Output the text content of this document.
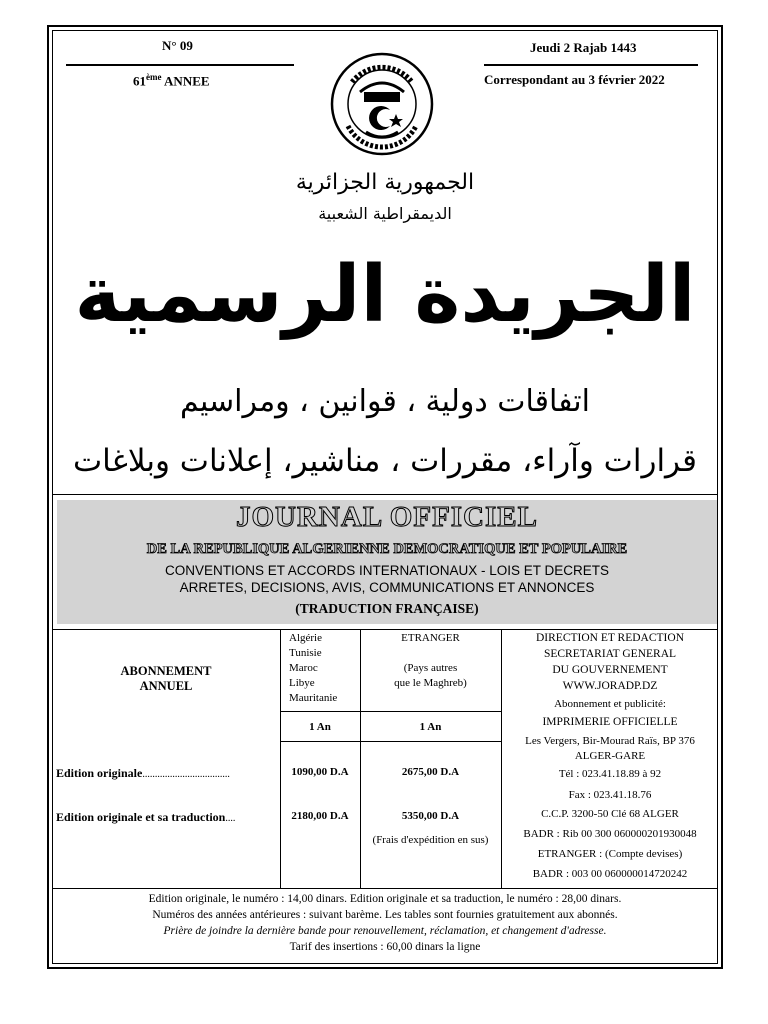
N° 09
61ème ANNEE
Jeudi 2 Rajab 1443
Correspondant au 3 février 2022
الجمهورية الجزائرية
الديمقراطية الشعبية
الجريدة الرسمية
اتفاقات دولية ، قوانين ، ومراسيم
قرارات وآراء، مقررات ، مناشير، إعلانات وبلاغات
JOURNAL OFFICIEL
DE LA REPUBLIQUE ALGERIENNE DEMOCRATIQUE ET POPULAIRE
CONVENTIONS ET ACCORDS INTERNATIONAUX - LOIS ET DECRETS
ARRETES, DECISIONS, AVIS, COMMUNICATIONS ET ANNONCES
(TRADUCTION FRANÇAISE)
ABONNEMENT
ANNUEL
Edition originale...................................
Edition originale et sa traduction....
Algérie
Tunisie
Maroc
Libye
Mauritanie
1 An
1090,00 D.A
2180,00 D.A
ETRANGER
(Pays autres
que le Maghreb)
1 An
2675,00 D.A
5350,00 D.A
(Frais d'expédition en sus)
DIRECTION ET REDACTION
SECRETARIAT GENERAL
DU GOUVERNEMENT
WWW.JORADP.DZ
Abonnement et publicité:
IMPRIMERIE OFFICIELLE
Les Vergers, Bir-Mourad Raïs, BP 376
ALGER-GARE
Tél : 023.41.18.89 à 92
Fax : 023.41.18.76
C.C.P. 3200-50 Clé 68 ALGER
BADR : Rib 00 300 060000201930048
ETRANGER : (Compte devises)
BADR : 003 00 060000014720242
Edition originale, le numéro : 14,00 dinars. Edition originale et sa traduction, le numéro : 28,00 dinars.
Numéros des années antérieures : suivant barème. Les tables sont fournies gratuitement aux abonnés.
Prière de joindre la dernière bande pour renouvellement, réclamation, et changement d'adresse.
Tarif des insertions : 60,00 dinars la ligne
